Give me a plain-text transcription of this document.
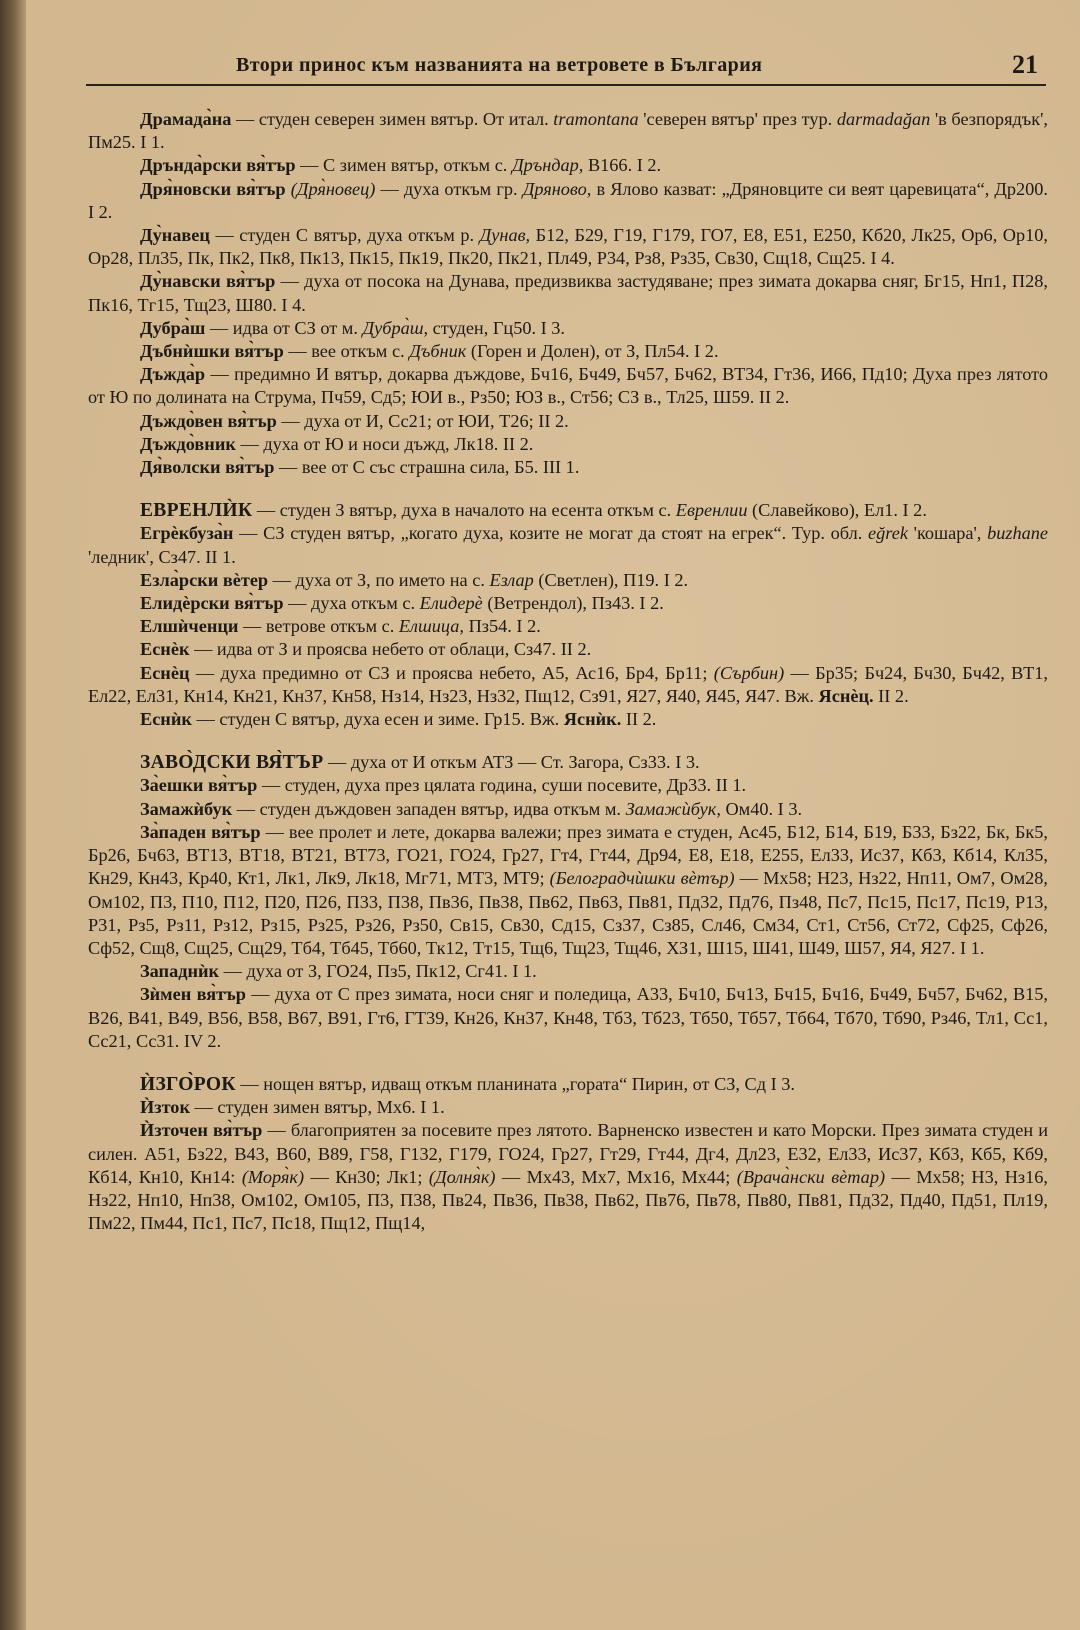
Втори принос към названията на ветровете в България	21

Драмада̀на — студен северен зимен вятър. От итал. tramontana 'северен вятър' през тур. darmadağan 'в безпорядък', Пм25. I 1.

Дрънда̀рски вя̀тър — С зимен вятър, откъм с. Дръндар, В166. I 2.

Дря̀новски вя̀тър (Дря̀новец) — духа откъм гр. Дряново, в Ялово казват: „Дряновците си веят царевицата“, Др200. I 2.

Ду̀навец — студен С вятър, духа откъм р. Дунав, Б12, Б29, Г19, Г179, ГО7, Е8, Е51, Е250, Кб20, Лк25, Ор6, Ор10, Ор28, Пл35, Пк, Пк2, Пк8, Пк13, Пк15, Пк19, Пк20, Пк21, Пл49, Р34, Рз8, Рз35, Св30, Сщ18, Сщ25. I 4.

Ду̀навски вя̀тър — духа от посока на Дунава, предизвиква застудяване; през зимата докарва сняг, Бг15, Нп1, П28, Пк16, Тг15, Тщ23, Ш80. I 4.

Дубра̀ш — идва от СЗ от м. Дубра̀ш, студен, Гц50. I 3.

Дъбнѝшки вя̀тър — вее откъм с. Дъбник (Горен и Долен), от З, Пл54. I 2.

Дъжда̀р — предимно И вятър, докарва дъждове, Бч16, Бч49, Бч57, Бч62, ВТ34, Гт36, И66, Пд10; Духа през лятото от Ю по долината на Струма, Пч59, Сд5; ЮИ в., Рз50; ЮЗ в., Ст56; СЗ в., Тл25, Ш59. II 2.

Дъждо̀вен вя̀тър — духа от И, Сс21; от ЮИ, Т26; II 2.

Дъждо̀вник — духа от Ю и носи дъжд, Лк18. II 2.

Дя̀волски вя̀тър — вее от С със страшна сила, Б5. III 1.

ЕВРЕНЛЍК — студен З вятър, духа в началото на есента откъм с. Евренлии (Славейково), Ел1. I 2.

Егрѐкбуза̀н — СЗ студен вятър, „когато духа, козите не могат да стоят на егрек“. Тур. обл. eğrek 'кошара', buzhane 'ледник', Сз47. II 1.

Езла̀рски вѐтер — духа от З, по името на с. Езлар (Светлен), П19. I 2.

Елидѐрски вя̀тър — духа откъм с. Елидерѐ (Ветрендол), Пз43. I 2.

Елшѝченци — ветрове откъм с. Елшица, Пз54. I 2.

Еснѐк — идва от З и проясва небето от облаци, Сз47. II 2.

Еснѐц — духа предимно от СЗ и проясва небето, А5, Ас16, Бр4, Бр11; (Сърбин) — Бр35; Бч24, Бч30, Бч42, ВТ1, Ел22, Ел31, Кн14, Кн21, Кн37, Кн58, Нз14, Нз23, Нз32, Пщ12, Сз91, Я27, Я40, Я45, Я47. Вж. Яснѐц. II 2.

Еснѝк — студен С вятър, духа есен и зиме. Гр15. Вж. Яснѝк. II 2.

ЗАВО̀ДСКИ ВЯ̀ТЪР — духа от И откъм АТЗ — Ст. Загора, Сз33. I 3.

За̀ешки вя̀тър — студен, духа през цялата година, суши посевите, Др33. II 1.

Замажѝбук — студен дъждовен западен вятър, идва откъм м. Замажѝбук, Ом40. I 3.

За̀паден вя̀тър — вее пролет и лете, докарва валежи; през зимата е студен, Ас45, Б12, Б14, Б19, Б33, Бз22, Бк, Бк5, Бр26, Бч63, ВТ13, ВТ18, ВТ21, ВТ73, ГО21, ГО24, Гр27, Гт4, Гт44, Др94, Е8, Е18, Е255, Ел33, Ис37, Кб3, Кб14, Кл35, Кн29, Кн43, Кр40, Кт1, Лк1, Лк9, Лк18, Мг71, МТ3, МТ9; (Белоградчѝшки вѐтър) — Мх58; Н23, Нз22, Нп11, Ом7, Ом28, Ом102, П3, П10, П12, П20, П26, П33, П38, Пв36, Пв38, Пв62, Пв63, Пв81, Пд32, Пд76, Пз48, Пс7, Пс15, Пс17, Пс19, Р13, Р31, Рз5, Рз11, Рз12, Рз15, Рз25, Рз26, Рз50, Св15, Св30, Сд15, Сз37, Сз85, Сл46, См34, Ст1, Ст56, Ст72, Сф25, Сф26, Сф52, Сщ8, Сщ25, Сщ29, Тб4, Тб45, Тб60, Тк12, Тт15, Тщ6, Тщ23, Тщ46, ХЗ1, Ш15, Ш41, Ш49, Ш57, Я4, Я27. I 1.

Западнѝк — духа от З, ГО24, Пз5, Пк12, Сг41. I 1.

Зѝмен вя̀тър — духа от С през зимата, носи сняг и поледица, А33, Бч10, Бч13, Бч15, Бч16, Бч49, Бч57, Бч62, В15, В26, В41, В49, В56, В58, В67, В91, Гт6, ГТ39, Кн26, Кн37, Кн48, Тб3, Тб23, Тб50, Тб57, Тб64, Тб70, Тб90, Рз46, Тл1, Сс1, Сс21, Сс31. IV 2.

ЍЗГО̀РОК — нощен вятър, идващ откъм планината „гората“ Пирин, от СЗ, Сд I 3.

Ѝзток — студен зимен вятър, Мх6. I 1.

Ѝзточен вя̀тър — благоприятен за посевите през лятото. Варненско известен и като Морски. През зимата студен и силен. А51, Бз22, В43, В60, В89, Г58, Г132, Г179, ГО24, Гр27, Гт29, Гт44, Дг4, Дл23, Е32, Ел33, Ис37, Кб3, Кб5, Кб9, Кб14, Кн10, Кн14: (Моря̀к) — Кн30; Лк1; (Долня̀к) — Мх43, Мх7, Мх16, Мх44; (Врача̀нски вѐтар) — Мх58; Н3, Нз16, Нз22, Нп10, Нп38, Ом102, Ом105, П3, П38, Пв24, Пв36, Пв38, Пв62, Пв76, Пв78, Пв80, Пв81, Пд32, Пд40, Пд51, Пл19, Пм22, Пм44, Пс1, Пс7, Пс18, Пщ12, Пщ14,
